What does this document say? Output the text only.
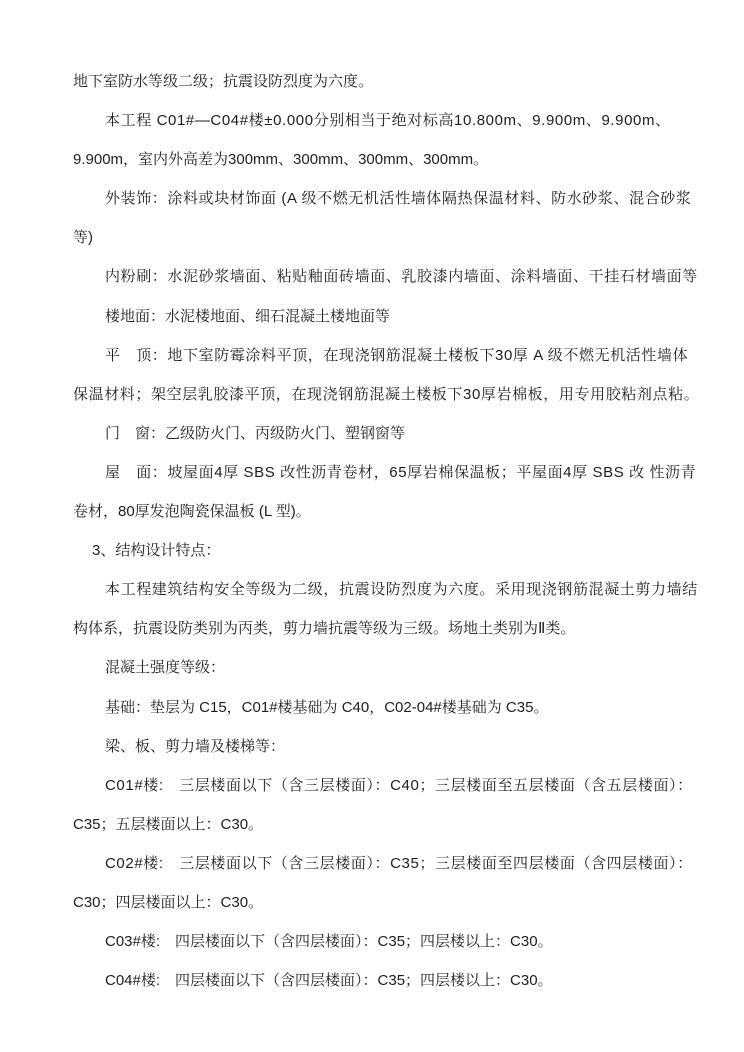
地下室防水等级二级；抗震设防烈度为六度。
本工程 C01#—C04#楼±0.000分别相当于绝对标高10.800m、9.900m、9.900m、
9.900m，室内外高差为300mm、300mm、300mm、300mm。
外装饰：涂料或块材饰面 (A 级不燃无机活性墙体隔热保温材料、防水砂浆、混合砂浆
等)
内粉刷：水泥砂浆墙面、粘贴釉面砖墙面、乳胶漆内墙面、涂料墙面、干挂石材墙面等
楼地面：水泥楼地面、细石混凝土楼地面等
平　顶：地下室防霉涂料平顶，在现浇钢筋混凝土楼板下30厚 A 级不燃无机活性墙体
保温材料；架空层乳胶漆平顶，在现浇钢筋混凝土楼板下30厚岩棉板，用专用胶粘剂点粘。
门　窗：乙级防火门、丙级防火门、塑钢窗等
屋　面：坡屋面4厚 SBS 改性沥青卷材，65厚岩棉保温板；平屋面4厚 SBS 改 性沥青
卷材，80厚发泡陶瓷保温板 (L 型)。
3、结构设计特点：
本工程建筑结构安全等级为二级，抗震设防烈度为六度。采用现浇钢筋混凝土剪力墙结
构体系，抗震设防类别为丙类，剪力墙抗震等级为三级。场地土类别为Ⅱ类。
混凝土强度等级：
基础：垫层为 C15，C01#楼基础为 C40，C02-04#楼基础为 C35。
梁、板、剪力墙及楼梯等：
C01#楼:　三层楼面以下（含三层楼面）：C40；三层楼面至五层楼面（含五层楼面）：
C35；五层楼面以上：C30。
C02#楼:　三层楼面以下（含三层楼面）：C35；三层楼面至四层楼面（含四层楼面）：
C30；四层楼面以上：C30。
C03#楼:　四层楼面以下（含四层楼面）：C35；四层楼以上：C30。
C04#楼:　四层楼面以下（含四层楼面）：C35；四层楼以上：C30。
